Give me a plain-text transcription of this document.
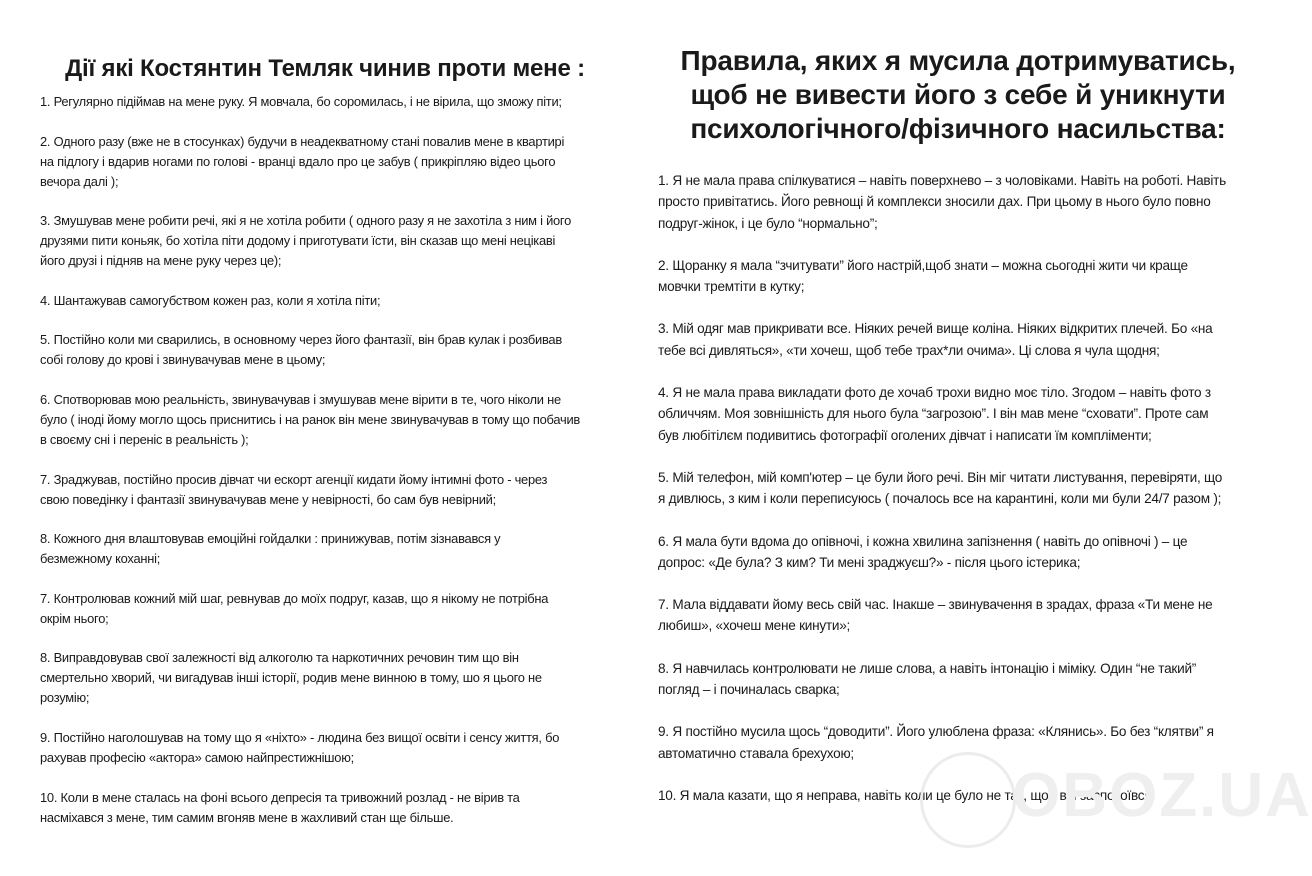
Дії які Костянтин Темляк чинив проти мене :
1. Регулярно підіймав на мене руку. Я мовчала, бо соромилась, і не вірила, що зможу піти;
2. Одного разу (вже не в стосунках) будучи в неадекватному стані повалив мене в квартирі
на підлогу і вдарив ногами по голові - вранці вдало про це забув ( прикріпляю відео цього
вечора далі );
3. Змушував мене робити речі, які я не хотіла робити ( одного разу я не захотіла з ним і його
друзями пити коньяк, бо хотіла піти додому і приготувати їсти, він сказав що мені нецікаві
його друзі і підняв на мене руку через це);
4. Шантажував самогубством кожен раз, коли я хотіла піти;
5. Постійно коли ми сварились, в основному через його фантазії, він брав кулак і розбивав
собі голову до крові і звинувачував мене в цьому;
6. Спотворював мою реальність, звинувачував і змушував мене вірити в те, чого ніколи не
було ( іноді йому могло щось приснитись і на ранок він мене звинувачував в тому що побачив
в своєму сні і переніс в реальність );
7. Зраджував, постійно просив дівчат чи ескорт агенції кидати йому інтимні фото - через
свою поведінку і фантазії звинувачував мене у невірності, бо сам був невірний;
8. Кожного дня влаштовував емоційні гойдалки : принижував, потім зізнавався у
безмежному коханні;
7. Контролював кожний мій шаг, ревнував до моїх подруг, казав, що я нікому не потрібна
окрім нього;
8. Виправдовував свої залежності від алкоголю та наркотичних речовин тим що він
смертельно хворий, чи вигадував інші історії, родив мене винною в тому, шо я цього не
розумію;
9. Постійно наголошував на тому що я «ніхто» - людина без вищої освіти і сенсу життя, бо
рахував професію «актора» самою найпрестижнішою;
10. Коли в мене сталась на фоні всього депресія та тривожний розлад - не вірив та
насміхався з мене, тим самим вгоняв мене в жахливий стан ще більше.
Правила, яких я мусила дотримуватись,
щоб не вивести його з себе й уникнути
психологічного/фізичного насильства:
1. Я не мала права спілкуватися – навіть поверхнево – з чоловіками. Навіть на роботі. Навіть
просто привітатись. Його ревнощі й комплекси зносили дах. При цьому в нього було повно
подруг-жінок, і це було “нормально”;
2. Щоранку я мала “зчитувати” його настрій,щоб знати – можна сьогодні жити чи краще
мовчки тремтіти в кутку;
3. Мій одяг мав прикривати все. Ніяких речей вище коліна. Ніяких відкритих плечей. Бо «на
тебе всі дивляться», «ти хочеш, щоб тебе трах*ли очима». Ці слова я чула щодня;
4. Я не мала права викладати фото де хочаб трохи видно моє тіло. Згодом – навіть фото з
обличчям. Моя зовнішність для нього була “загрозою”. І він мав мене “сховати”. Проте сам
був любітілєм подивитись фотографії оголених дівчат і написати їм компліменти;
5. Мій телефон, мій комп'ютер – це були його речі. Він міг читати листування, перевіряти, що
я дивлюсь, з ким і коли переписуюсь ( почалось все на карантині, коли ми були 24/7 разом );
6. Я мала бути вдома до опівночі, і кожна хвилина запізнення ( навіть до опівночі ) – це
допрос: «Де була? З ким? Ти мені зраджуєш?» - після цього істерика;
7. Мала віддавати йому весь свій час. Інакше – звинувачення в зрадах, фраза «Ти мене не
любиш», «хочеш мене кинути»;
8. Я навчилась контролювати не лише слова, а навіть інтонацію і міміку. Один “не такий”
погляд – і починалась сварка;
9. Я постійно мусила щось “доводити”. Його улюблена фраза: «Клянись». Бо без “клятви” я
автоматично ставала брехухою;
10. Я мала казати, що я неправа, навіть коли це було не так, щоб він заспокоївся.
OBOZ.UA
